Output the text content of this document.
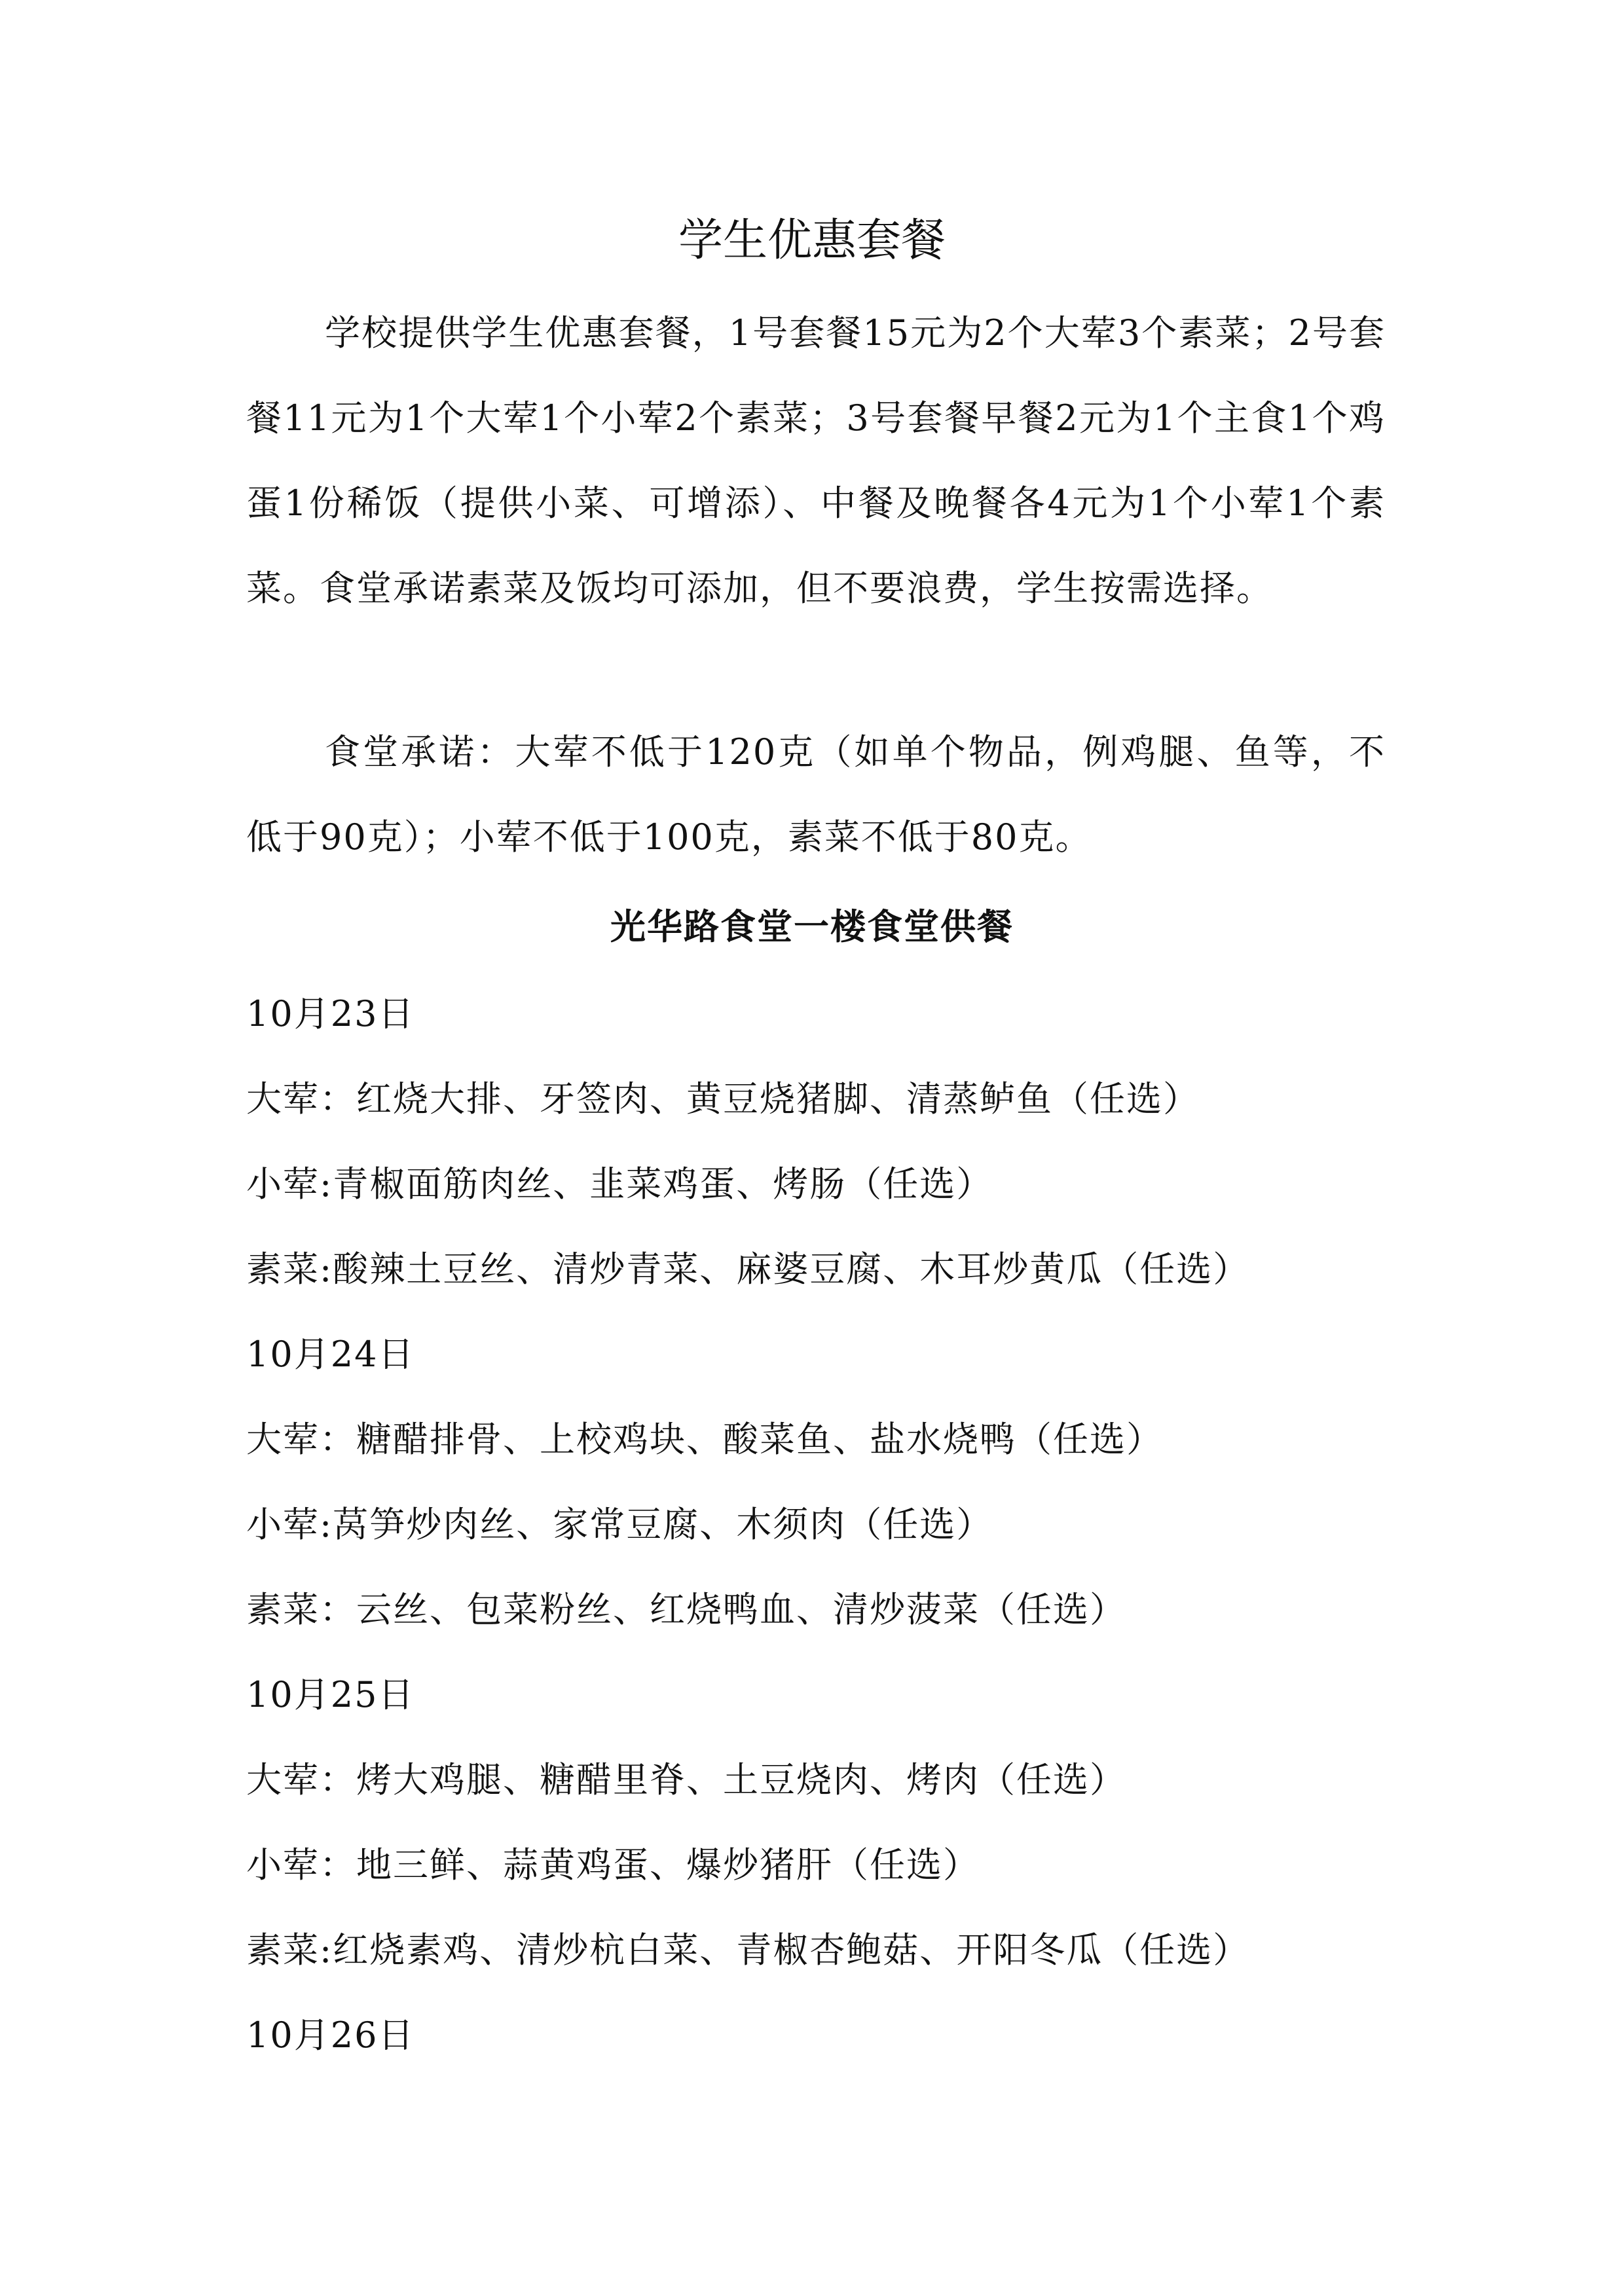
学生优惠套餐

学校提供学生优惠套餐，1号套餐15元为2个大荤3个素菜；2号套餐11元为1个大荤1个小荤2个素菜；3号套餐早餐2元为1个主食1个鸡蛋1份稀饭（提供小菜、可增添）、中餐及晚餐各4元为1个小荤1个素菜。食堂承诺素菜及饭均可添加，但不要浪费，学生按需选择。

食堂承诺：大荤不低于120克（如单个物品，例鸡腿、鱼等，不低于90克）；小荤不低于100克，素菜不低于80克。

光华路食堂一楼食堂供餐
10月23日
大荤：红烧大排、牙签肉、黄豆烧猪脚、清蒸鲈鱼（任选）
小荤:青椒面筋肉丝、韭菜鸡蛋、烤肠（任选）
素菜:酸辣土豆丝、清炒青菜、麻婆豆腐、木耳炒黄瓜（任选）
10月24日
大荤：糖醋排骨、上校鸡块、酸菜鱼、盐水烧鸭（任选）
小荤:莴笋炒肉丝、家常豆腐、木须肉（任选）
素菜：云丝、包菜粉丝、红烧鸭血、清炒菠菜（任选）
10月25日
大荤：烤大鸡腿、糖醋里脊、土豆烧肉、烤肉（任选）
小荤：地三鲜、蒜黄鸡蛋、爆炒猪肝（任选）
素菜:红烧素鸡、清炒杭白菜、青椒杏鲍菇、开阳冬瓜（任选）
10月26日
